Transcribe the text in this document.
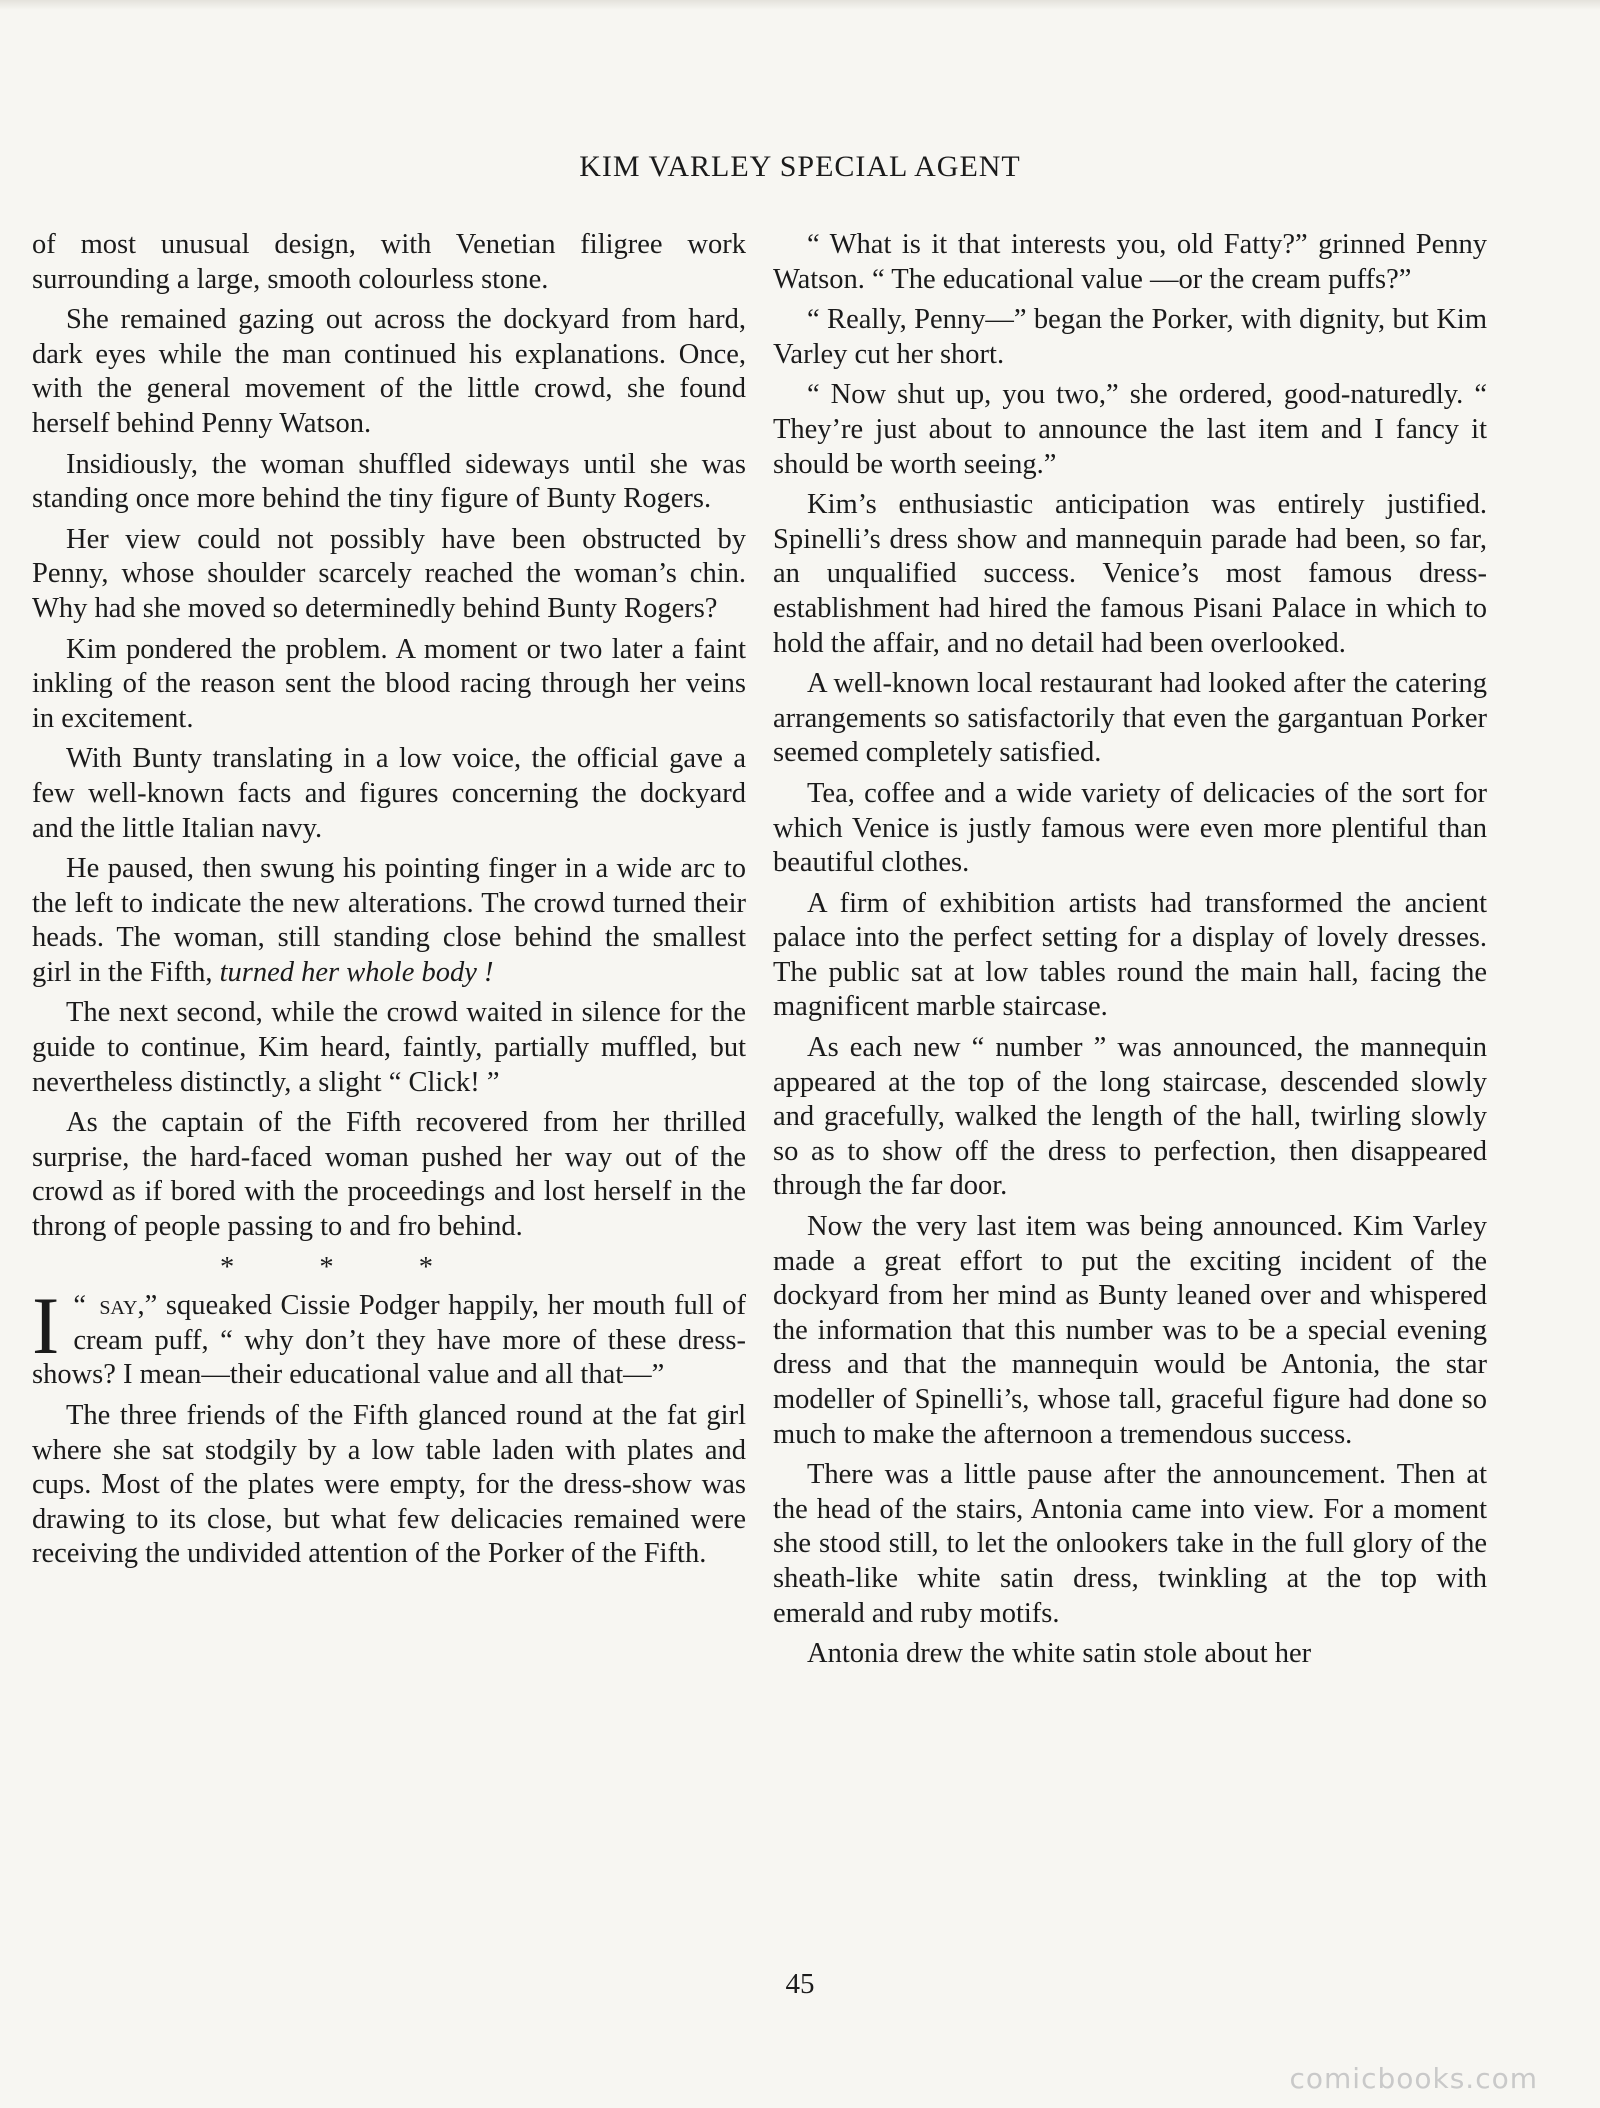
KIM VARLEY SPECIAL AGENT

of most unusual design, with Venetian filigree work surrounding a large, smooth colourless stone.

She remained gazing out across the dockyard from hard, dark eyes while the man continued his explanations. Once, with the general movement of the little crowd, she found herself behind Penny Watson.

Insidiously, the woman shuffled sideways until she was standing once more behind the tiny figure of Bunty Rogers.

Her view could not possibly have been obstructed by Penny, whose shoulder scarcely reached the woman’s chin. Why had she moved so determinedly behind Bunty Rogers?

Kim pondered the problem. A moment or two later a faint inkling of the reason sent the blood racing through her veins in excitement.

With Bunty translating in a low voice, the official gave a few well-known facts and figures concerning the dockyard and the little Italian navy.

He paused, then swung his pointing finger in a wide arc to the left to indicate the new alterations. The crowd turned their heads. The woman, still standing close behind the smallest girl in the Fifth, turned her whole body !

The next second, while the crowd waited in silence for the guide to continue, Kim heard, faintly, partially muffled, but nevertheless distinctly, a slight “ Click! ”

As the captain of the Fifth recovered from her thrilled surprise, the hard-faced woman pushed her way out of the crowd as if bored with the proceedings and lost herself in the throng of people passing to and fro behind.

* * *

“
I say,” squeaked Cissie Podger happily, her mouth full of cream puff, “ why don’t they have more of these dress-shows? I mean—their educational value and all that—”

The three friends of the Fifth glanced round at the fat girl where she sat stodgily by a low table laden with plates and cups. Most of the plates were empty, for the dress-show was drawing to its close, but what few delicacies remained were receiving the undivided attention of the Porker of the Fifth.

“ What is it that interests you, old Fatty?” grinned Penny Watson. “ The educational value —or the cream puffs?”

“ Really, Penny—” began the Porker, with dignity, but Kim Varley cut her short.

“ Now shut up, you two,” she ordered, good-naturedly. “ They’re just about to announce the last item and I fancy it should be worth seeing.”

Kim’s enthusiastic anticipation was entirely justified. Spinelli’s dress show and mannequin parade had been, so far, an unqualified success. Venice’s most famous dress-establishment had hired the famous Pisani Palace in which to hold the affair, and no detail had been overlooked.

A well-known local restaurant had looked after the catering arrangements so satisfactorily that even the gargantuan Porker seemed completely satisfied.

Tea, coffee and a wide variety of delicacies of the sort for which Venice is justly famous were even more plentiful than beautiful clothes.

A firm of exhibition artists had transformed the ancient palace into the perfect setting for a display of lovely dresses. The public sat at low tables round the main hall, facing the magnificent marble staircase.

As each new “ number ” was announced, the mannequin appeared at the top of the long staircase, descended slowly and gracefully, walked the length of the hall, twirling slowly so as to show off the dress to perfection, then disappeared through the far door.

Now the very last item was being announced. Kim Varley made a great effort to put the exciting incident of the dockyard from her mind as Bunty leaned over and whispered the information that this number was to be a special evening dress and that the mannequin would be Antonia, the star modeller of Spinelli’s, whose tall, graceful figure had done so much to make the afternoon a tremendous success.

There was a little pause after the announcement. Then at the head of the stairs, Antonia came into view. For a moment she stood still, to let the onlookers take in the full glory of the sheath-like white satin dress, twinkling at the top with emerald and ruby motifs.

Antonia drew the white satin stole about her

45
comicbooks.com
